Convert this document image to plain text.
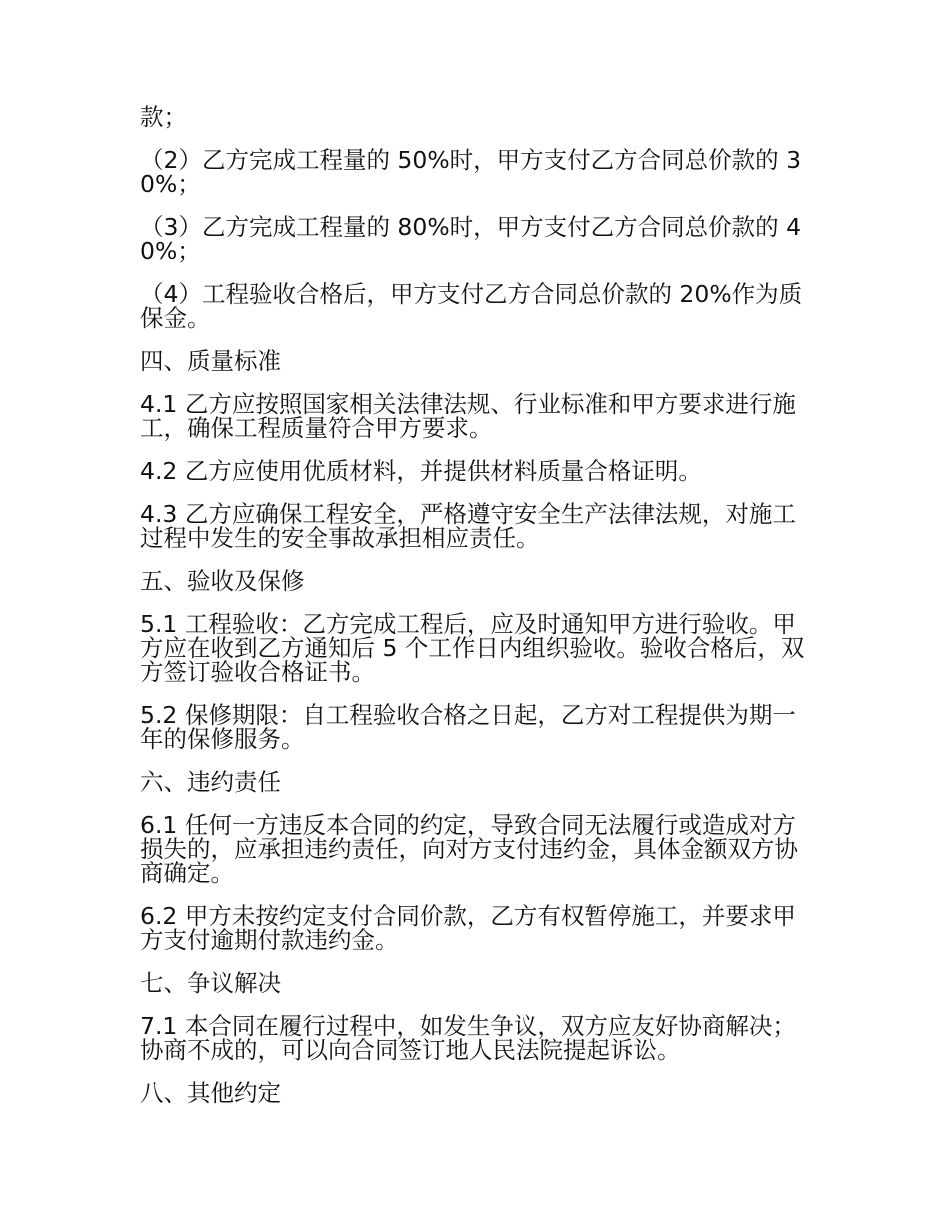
款；

（2）乙方完成工程量的 50%时，甲方支付乙方合同总价款的 30%；

（3）乙方完成工程量的 80%时，甲方支付乙方合同总价款的 40%；

（4）工程验收合格后，甲方支付乙方合同总价款的 20%作为质保金。

四、质量标准

4.1 乙方应按照国家相关法律法规、行业标准和甲方要求进行施工，确保工程质量符合甲方要求。

4.2 乙方应使用优质材料，并提供材料质量合格证明。

4.3 乙方应确保工程安全，严格遵守安全生产法律法规，对施工过程中发生的安全事故承担相应责任。

五、验收及保修

5.1 工程验收：乙方完成工程后，应及时通知甲方进行验收。甲方应在收到乙方通知后 5 个工作日内组织验收。验收合格后，双方签订验收合格证书。

5.2 保修期限：自工程验收合格之日起，乙方对工程提供为期一年的保修服务。

六、违约责任

6.1 任何一方违反本合同的约定，导致合同无法履行或造成对方损失的，应承担违约责任，向对方支付违约金，具体金额双方协商确定。

6.2 甲方未按约定支付合同价款，乙方有权暂停施工，并要求甲方支付逾期付款违约金。

七、争议解决

7.1 本合同在履行过程中，如发生争议，双方应友好协商解决；协商不成的，可以向合同签订地人民法院提起诉讼。

八、其他约定
